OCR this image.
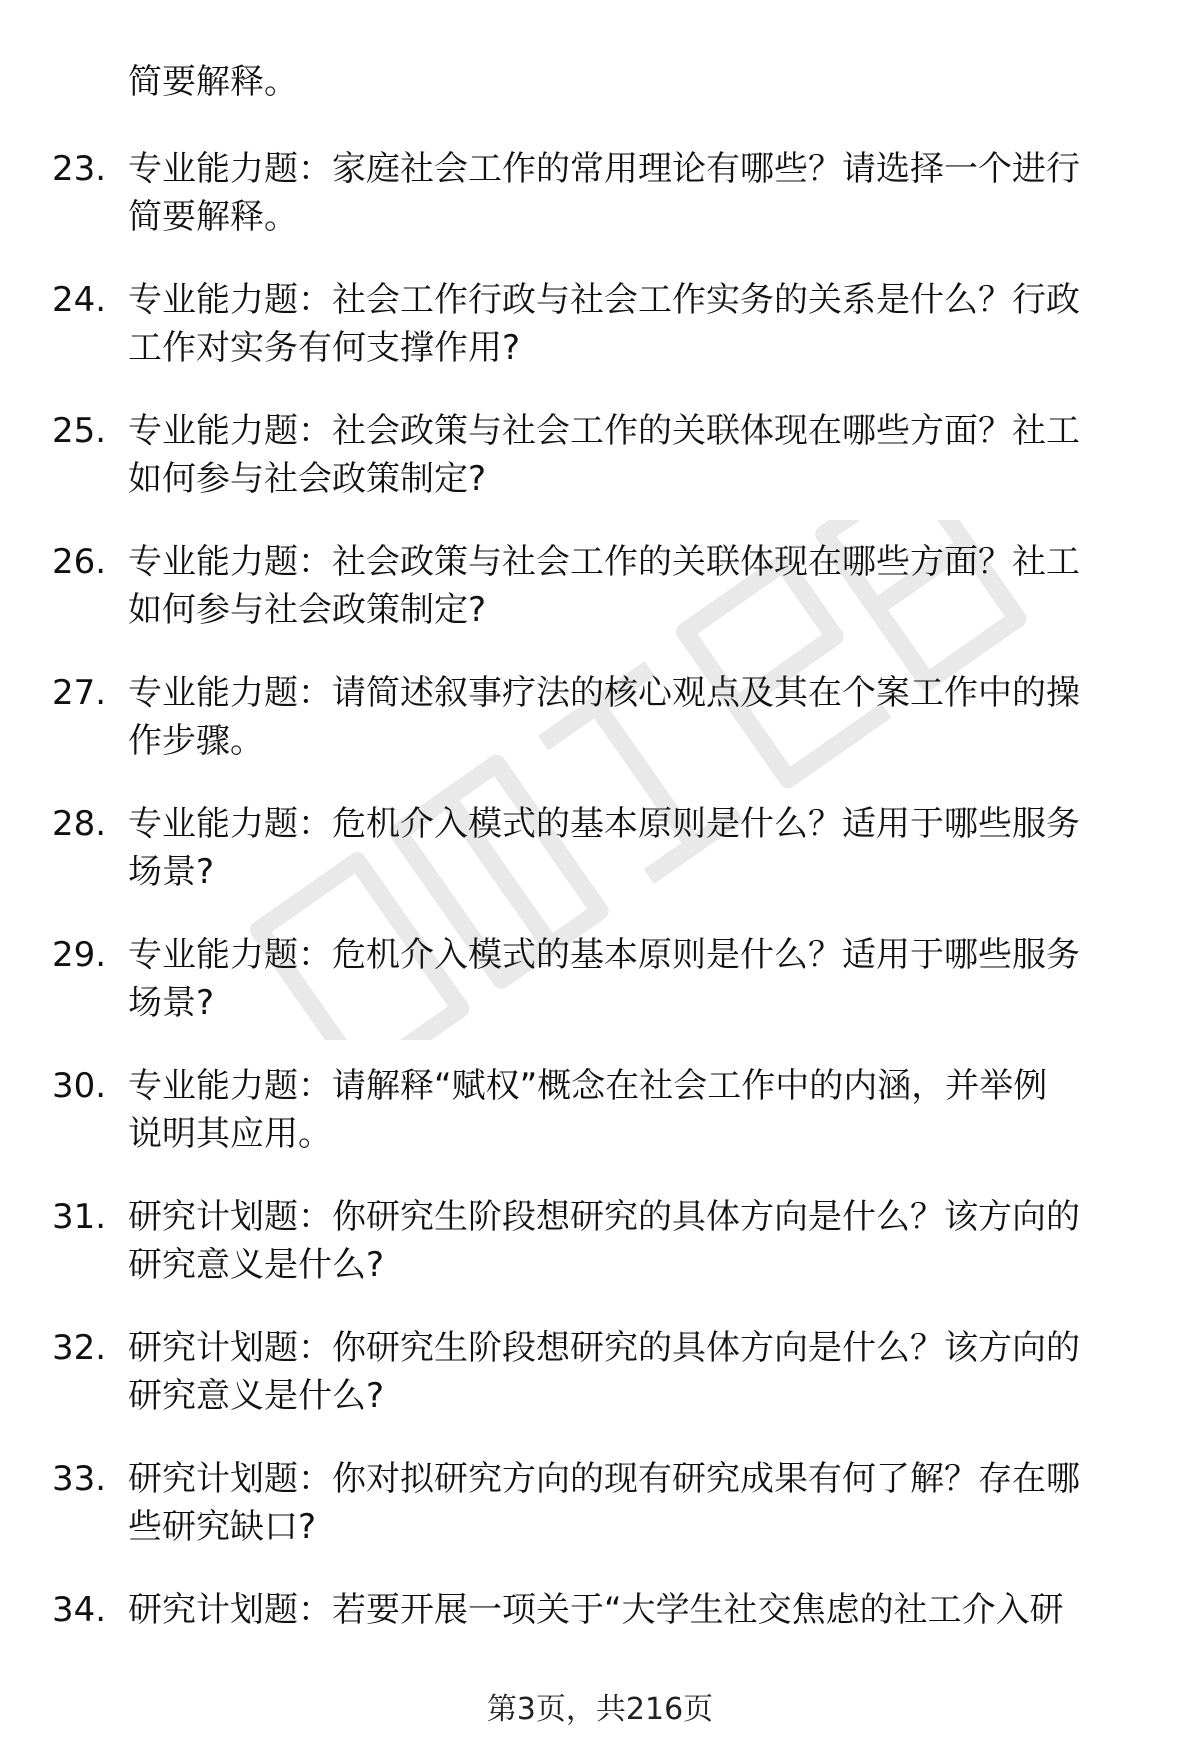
简要解释。
23. 专业能力题：家庭社会工作的常用理论有哪些？请选择一个进行
简要解释。
24. 专业能力题：社会工作行政与社会工作实务的关系是什么？行政
工作对实务有何支撑作用?
25. 专业能力题：社会政策与社会工作的关联体现在哪些方面？社工
如何参与社会政策制定?
26. 专业能力题：社会政策与社会工作的关联体现在哪些方面？社工
如何参与社会政策制定?
27. 专业能力题：请简述叙事疗法的核心观点及其在个案工作中的操
作步骤。
28. 专业能力题：危机介入模式的基本原则是什么？适用于哪些服务
场景?
29. 专业能力题：危机介入模式的基本原则是什么？适用于哪些服务
场景?
30. 专业能力题：请解释“赋权”概念在社会工作中的内涵，并举例
说明其应用。
31. 研究计划题：你研究生阶段想研究的具体方向是什么？该方向的
研究意义是什么?
32. 研究计划题：你研究生阶段想研究的具体方向是什么？该方向的
研究意义是什么?
33. 研究计划题：你对拟研究方向的现有研究成果有何了解？存在哪
些研究缺口?
34. 研究计划题：若要开展一项关于“大学生社交焦虑的社工介入研
第3页，共216页
